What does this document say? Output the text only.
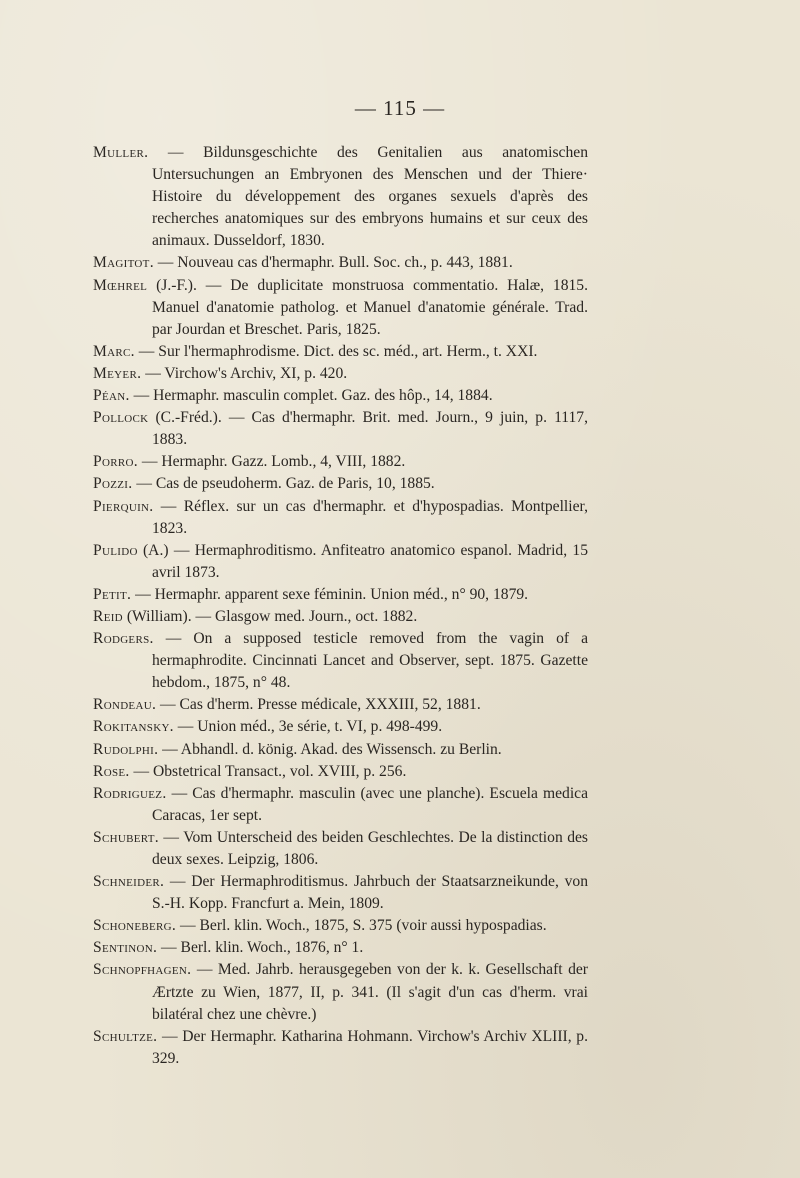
— 115 —

Muller. — Bildunsgeschichte des Genitalien aus anatomischen Untersuchungen an Embryonen des Menschen und der Thiere· Histoire du développement des organes sexuels d'après des recherches anatomiques sur des embryons humains et sur ceux des animaux. Dusseldorf, 1830.

Magitot. — Nouveau cas d'hermaphr. Bull. Soc. ch., p. 443, 1881.

Mœhrel (J.-F.). — De duplicitate monstruosa commentatio. Halæ, 1815. Manuel d'anatomie patholog. et Manuel d'anatomie générale. Trad. par Jourdan et Breschet. Paris, 1825.

Marc. — Sur l'hermaphrodisme. Dict. des sc. méd., art. Herm., t. XXI.

Meyer. — Virchow's Archiv, XI, p. 420.

Péan. — Hermaphr. masculin complet. Gaz. des hôp., 14, 1884.

Pollock (C.-Fréd.). — Cas d'hermaphr. Brit. med. Journ., 9 juin, p. 1117, 1883.

Porro. — Hermaphr. Gazz. Lomb., 4, VIII, 1882.

Pozzi. — Cas de pseudoherm. Gaz. de Paris, 10, 1885.

Pierquin. — Réflex. sur un cas d'hermaphr. et d'hypospadias. Montpellier, 1823.

Pulido (A.) — Hermaphroditismo. Anfiteatro anatomico espanol. Madrid, 15 avril 1873.

Petit. — Hermaphr. apparent sexe féminin. Union méd., n° 90, 1879.

Reid (William). — Glasgow med. Journ., oct. 1882.

Rodgers. — On a supposed testicle removed from the vagin of a hermaphrodite. Cincinnati Lancet and Observer, sept. 1875. Gazette hebdom., 1875, n° 48.

Rondeau. — Cas d'herm. Presse médicale, XXXIII, 52, 1881.

Rokitansky. — Union méd., 3e série, t. VI, p. 498-499.

Rudolphi. — Abhandl. d. könig. Akad. des Wissensch. zu Berlin.

Rose. — Obstetrical Transact., vol. XVIII, p. 256.

Rodriguez. — Cas d'hermaphr. masculin (avec une planche). Escuela medica Caracas, 1er sept.

Schubert. — Vom Unterscheid des beiden Geschlechtes. De la distinction des deux sexes. Leipzig, 1806.

Schneider. — Der Hermaphroditismus. Jahrbuch der Staatsarzneikunde, von S.-H. Kopp. Francfurt a. Mein, 1809.

Schoneberg. — Berl. klin. Woch., 1875, S. 375 (voir aussi hypospadias.

Sentinon. — Berl. klin. Woch., 1876, n° 1.

Schnopfhagen. — Med. Jahrb. herausgegeben von der k. k. Gesellschaft der Ærtzte zu Wien, 1877, II, p. 341. (Il s'agit d'un cas d'herm. vrai bilatéral chez une chèvre.)

Schultze. — Der Hermaphr. Katharina Hohmann. Virchow's Archiv XLIII, p. 329.
